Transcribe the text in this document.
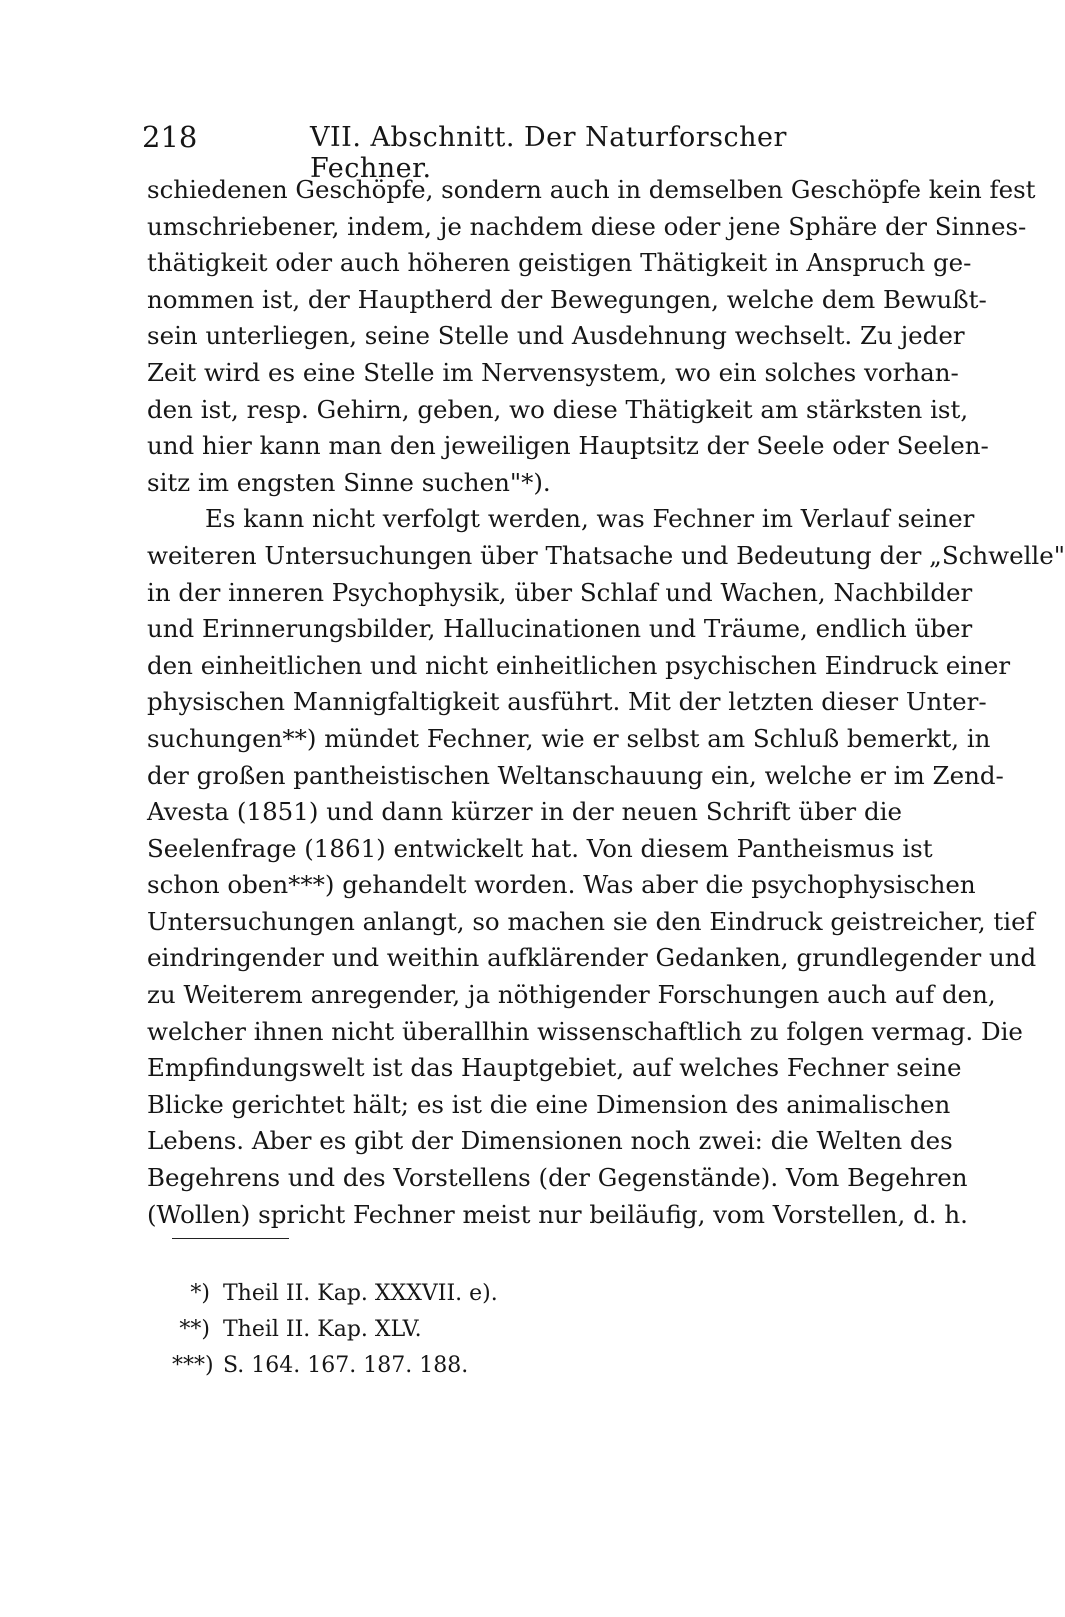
218	VII. Abschnitt. Der Naturforscher Fechner.
schiedenen Geschöpfe, sondern auch in demselben Geschöpfe kein fest
umschriebener, indem, je nachdem diese oder jene Sphäre der Sinnes-
thätigkeit oder auch höheren geistigen Thätigkeit in Anspruch ge-
nommen ist, der Hauptherd der Bewegungen, welche dem Bewußt-
sein unterliegen, seine Stelle und Ausdehnung wechselt. Zu jeder
Zeit wird es eine Stelle im Nervensystem, wo ein solches vorhan-
den ist, resp. Gehirn, geben, wo diese Thätigkeit am stärksten ist,
und hier kann man den jeweiligen Hauptsitz der Seele oder Seelen-
sitz im engsten Sinne suchen"*).
Es kann nicht verfolgt werden, was Fechner im Verlauf seiner
weiteren Untersuchungen über Thatsache und Bedeutung der „Schwelle"
in der inneren Psychophysik, über Schlaf und Wachen, Nachbilder
und Erinnerungsbilder, Hallucinationen und Träume, endlich über
den einheitlichen und nicht einheitlichen psychischen Eindruck einer
physischen Mannigfaltigkeit ausführt. Mit der letzten dieser Unter-
suchungen**) mündet Fechner, wie er selbst am Schluß bemerkt, in
der großen pantheistischen Weltanschauung ein, welche er im Zend-
Avesta (1851) und dann kürzer in der neuen Schrift über die
Seelenfrage (1861) entwickelt hat. Von diesem Pantheismus ist
schon oben***) gehandelt worden. Was aber die psychophysischen
Untersuchungen anlangt, so machen sie den Eindruck geistreicher, tief
eindringender und weithin aufklärender Gedanken, grundlegender und
zu Weiterem anregender, ja nöthigender Forschungen auch auf den,
welcher ihnen nicht überallhin wissenschaftlich zu folgen vermag. Die
Empfindungswelt ist das Hauptgebiet, auf welches Fechner seine
Blicke gerichtet hält; es ist die eine Dimension des animalischen
Lebens. Aber es gibt der Dimensionen noch zwei: die Welten des
Begehrens und des Vorstellens (der Gegenstände). Vom Begehren
(Wollen) spricht Fechner meist nur beiläufig, vom Vorstellen, d. h.
*) Theil II. Kap. XXXVII. e).
**) Theil II. Kap. XLV.
***) S. 164. 167. 187. 188.
